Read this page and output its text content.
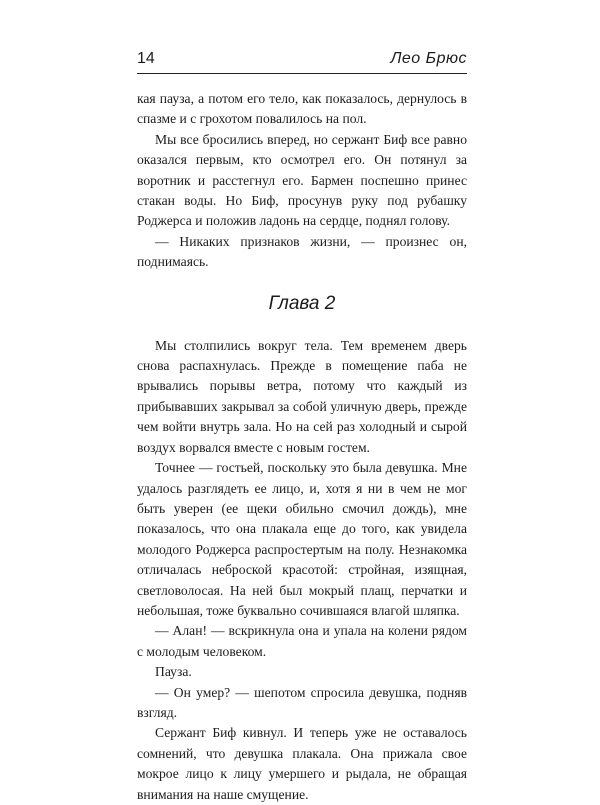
14	Лео Брюс

кая пауза, а потом его тело, как показалось, дернулось в спазме и с грохотом повалилось на пол.

Мы все бросились вперед, но сержант Биф все равно оказался первым, кто осмотрел его. Он потянул за воротник и расстегнул его. Бармен поспешно принес стакан воды. Но Биф, просунув руку под рубашку Роджерса и положив ладонь на сердце, поднял голову.

— Никаких признаков жизни, — произнес он, поднимаясь.

Глава 2

Мы столпились вокруг тела. Тем временем дверь снова распахнулась. Прежде в помещение паба не врывались порывы ветра, потому что каждый из прибывавших закрывал за собой уличную дверь, прежде чем войти внутрь зала. Но на сей раз холодный и сырой воздух ворвался вместе с новым гостем.

Точнее — гостьей, поскольку это была девушка. Мне удалось разглядеть ее лицо, и, хотя я ни в чем не мог быть уверен (ее щеки обильно смочил дождь), мне показалось, что она плакала еще до того, как увидела молодого Роджерса распростертым на полу. Незнакомка отличалась неброской красотой: стройная, изящная, светловолосая. На ней был мокрый плащ, перчатки и небольшая, тоже буквально сочившаяся влагой шляпка.

— Алан! — вскрикнула она и упала на колени рядом с молодым человеком.

Пауза.

— Он умер? — шепотом спросила девушка, подняв взгляд.

Сержант Биф кивнул. И теперь уже не оставалось сомнений, что девушка плакала. Она прижала свое мокрое лицо к лицу умершего и рыдала, не обращая внимания на наше смущение.
